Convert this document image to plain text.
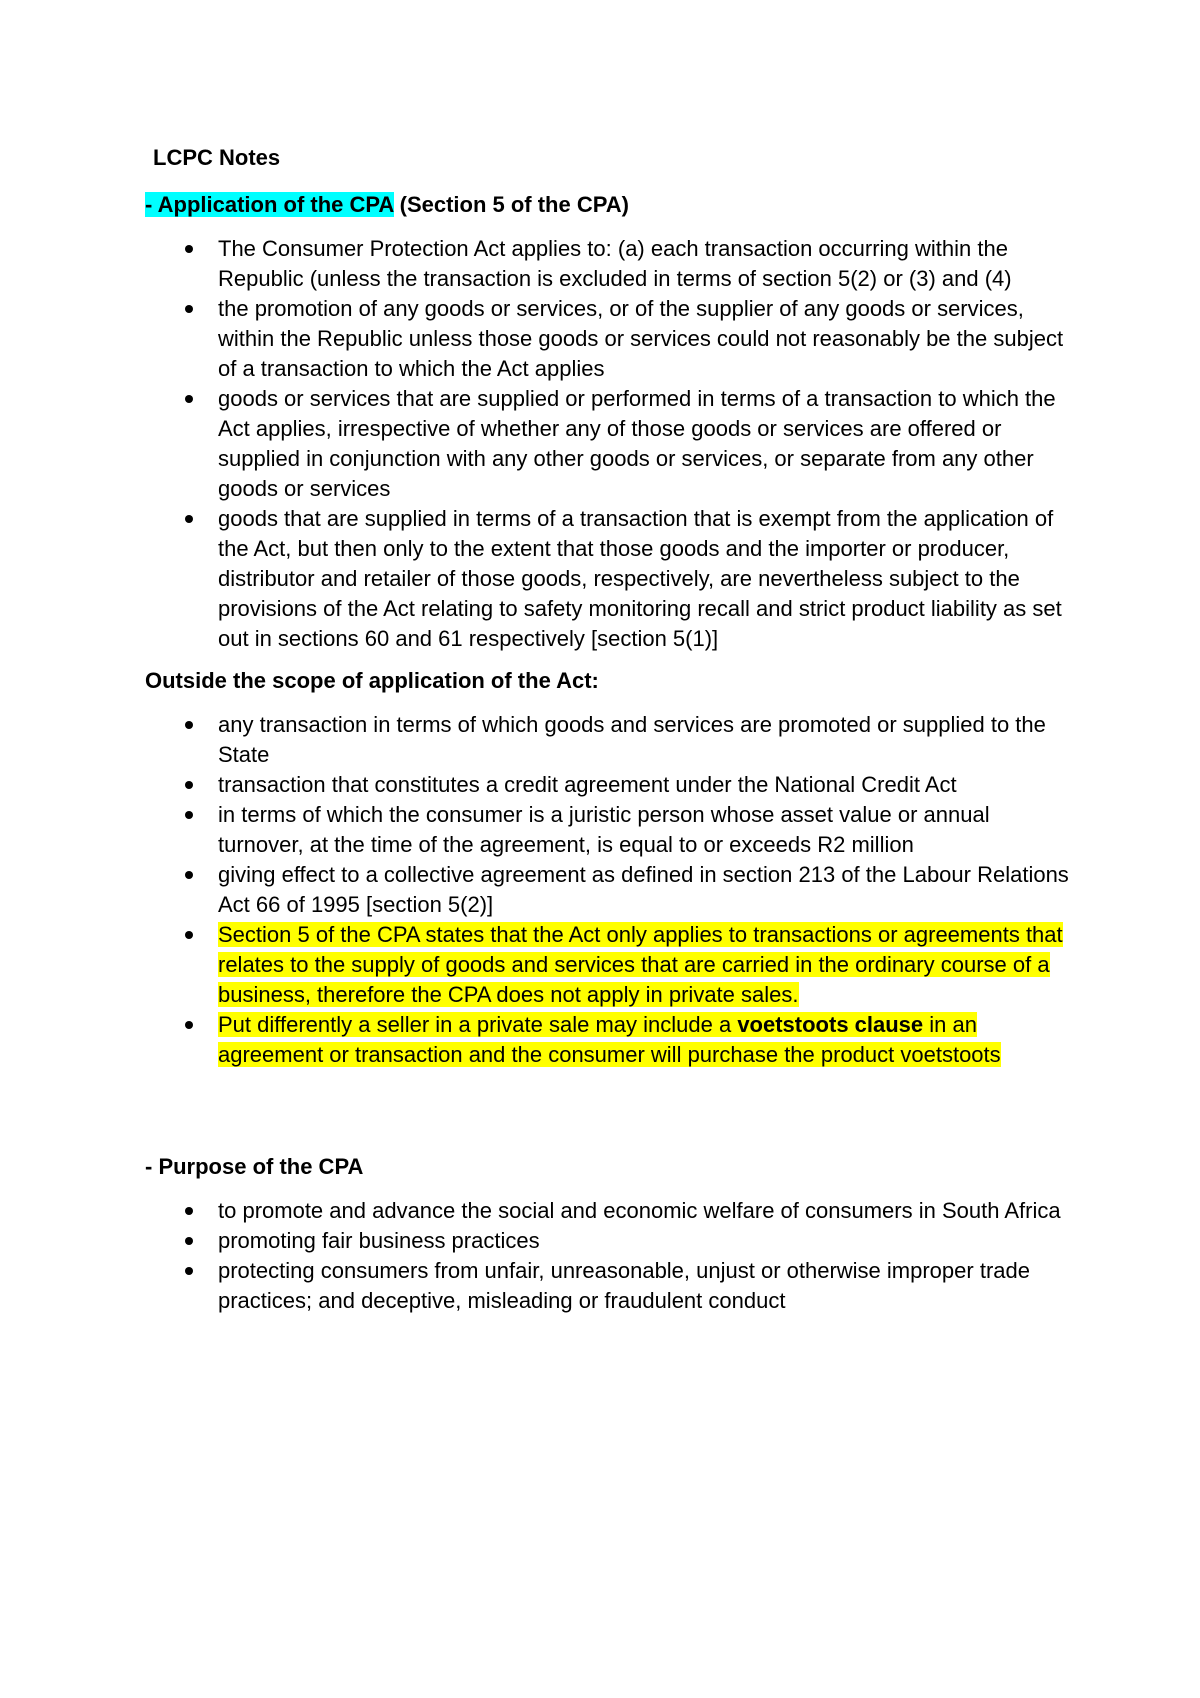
LCPC Notes
- Application of the CPA (Section 5 of the CPA)
The Consumer Protection Act applies to: (a) each transaction occurring within the Republic (unless the transaction is excluded in terms of section 5(2) or (3) and (4)
the promotion of any goods or services, or of the supplier of any goods or services, within the Republic unless those goods or services could not reasonably be the subject of a transaction to which the Act applies
goods or services that are supplied or performed in terms of a transaction to which the Act applies, irrespective of whether any of those goods or services are offered or supplied in conjunction with any other goods or services, or separate from any other goods or services
goods that are supplied in terms of a transaction that is exempt from the application of the Act, but then only to the extent that those goods and the importer or producer, distributor and retailer of those goods, respectively, are nevertheless subject to the provisions of the Act relating to safety monitoring recall and strict product liability as set out in sections 60 and 61 respectively [section 5(1)]
Outside the scope of application of the Act:
any transaction in terms of which goods and services are promoted or supplied to the State
transaction that constitutes a credit agreement under the National Credit Act
in terms of which the consumer is a juristic person whose asset value or annual turnover, at the time of the agreement, is equal to or exceeds R2 million
giving effect to a collective agreement as defined in section 213 of the Labour Relations Act 66 of 1995 [section 5(2)]
Section 5 of the CPA states that the Act only applies to transactions or agreements that relates to the supply of goods and services that are carried in the ordinary course of a business, therefore the CPA does not apply in private sales.
Put differently a seller in a private sale may include a voetstoots clause in an agreement or transaction and the consumer will purchase the product voetstoots
- Purpose of the CPA
to promote and advance the social and economic welfare of consumers in South Africa
promoting fair business practices
protecting consumers from unfair, unreasonable, unjust or otherwise improper trade practices; and deceptive, misleading or fraudulent conduct
